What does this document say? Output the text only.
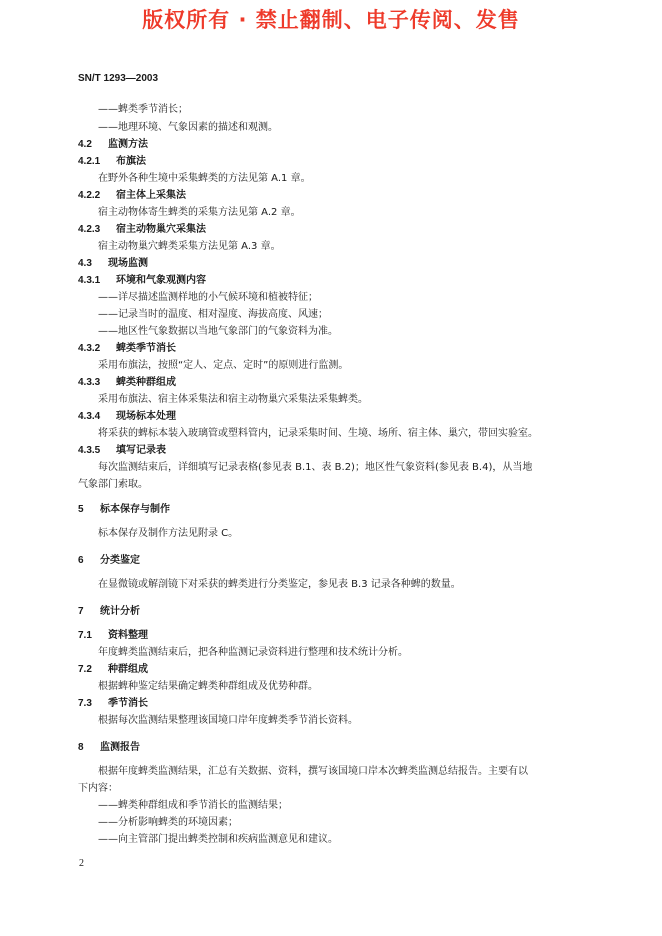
版权所有 · 禁止翻制、电子传阅、发售
SN/T 1293—2003
——蜱类季节消长；
——地理环境、气象因素的描述和观测。
4.2 监测方法
4.2.1 布旗法
在野外各种生境中采集蜱类的方法见第 A.1 章。
4.2.2 宿主体上采集法
宿主动物体寄生蜱类的采集方法见第 A.2 章。
4.2.3 宿主动物巢穴采集法
宿主动物巢穴蜱类采集方法见第 A.3 章。
4.3 现场监测
4.3.1 环境和气象观测内容
——详尽描述监测样地的小气候环境和植被特征；
——记录当时的温度、相对湿度、海拔高度、风速；
——地区性气象数据以当地气象部门的气象资料为准。
4.3.2 蜱类季节消长
采用布旗法，按照“定人、定点、定时”的原则进行监测。
4.3.3 蜱类种群组成
采用布旗法、宿主体采集法和宿主动物巢穴采集法采集蜱类。
4.3.4 现场标本处理
将采获的蜱标本装入玻璃管或塑料管内，记录采集时间、生境、场所、宿主体、巢穴，带回实验室。
4.3.5 填写记录表
每次监测结束后，详细填写记录表格(参见表 B.1、表 B.2)；地区性气象资料(参见表 B.4)，从当地
气象部门索取。
5 标本保存与制作
标本保存及制作方法见附录 C。
6 分类鉴定
在显微镜或解剖镜下对采获的蜱类进行分类鉴定，参见表 B.3 记录各种蜱的数量。
7 统计分析
7.1 资料整理
年度蜱类监测结束后，把各种监测记录资料进行整理和技术统计分析。
7.2 种群组成
根据蜱种鉴定结果确定蜱类种群组成及优势种群。
7.3 季节消长
根据每次监测结果整理该国境口岸年度蜱类季节消长资料。
8 监测报告
根据年度蜱类监测结果，汇总有关数据、资料，撰写该国境口岸本次蜱类监测总结报告。主要有以
下内容：
——蜱类种群组成和季节消长的监测结果；
——分析影响蜱类的环境因素；
——向主管部门提出蜱类控制和疾病监测意见和建议。
2
